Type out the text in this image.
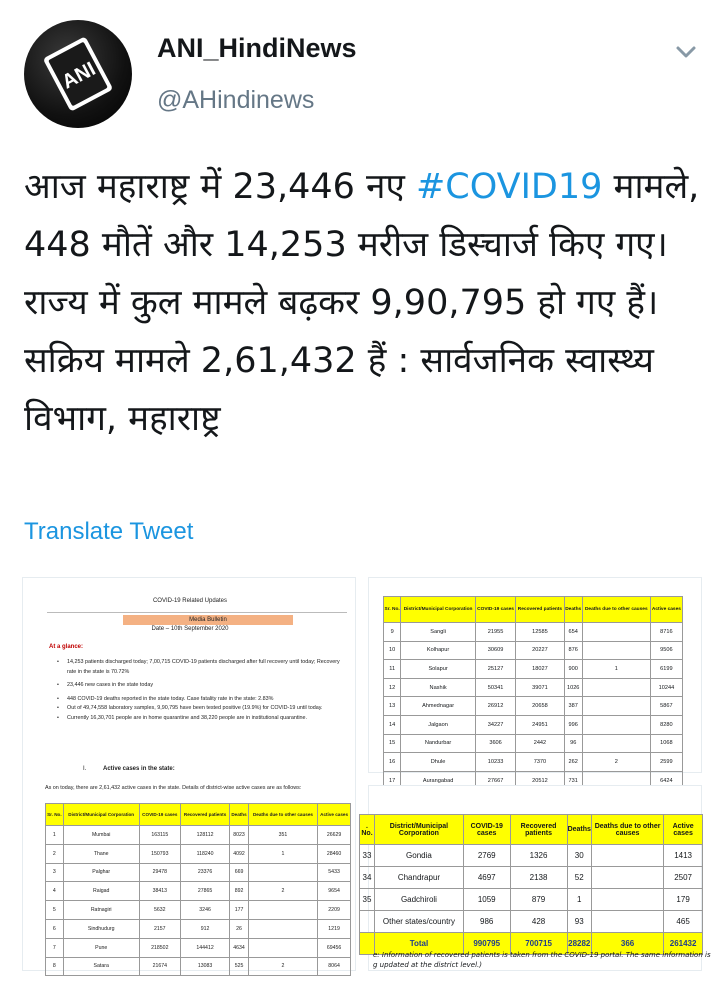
ANI
ANI_HindiNews
@AHindinews
आज महाराष्ट्र में 23,446 नए #COVID19 मामले, 448 मौतें और 14,253 मरीज डिस्चार्ज किए गए। राज्य में कुल मामले बढ़कर 9,90,795 हो गए हैं। सक्रिय मामले 2,61,432 हैं : सार्वजनिक स्वास्थ्य विभाग, महाराष्ट्र
Translate Tweet
COVID-19 Related Updates
Media Bulletin
Date – 10th September 2020
At a glance:
• 14,253 patients discharged today; 7,00,715 COVID-19 patients discharged after full recovery until today; Recovery rate in the state is 70.72%
• 23,446 new cases in the state today
• 448 COVID-19 deaths reported in the state today. Case fatality rate in the state: 2.83%
• Out of 49,74,558 laboratory samples, 9,90,795 have been tested positive (19.9%) for COVID-19 until today.
• Currently 16,30,701 people are in home quarantine and 38,220 people are in institutional quarantine.
I.	Active cases in the state:
As on today, there are 2,61,432 active cases in the state. Details of district-wise active cases are as follows:
Sr. No.	District/Municipal Corporation	COVID-19 cases	Recovered patients	Deaths	Deaths due to other causes	Active cases
1	Mumbai	163115	128112	8023	351	26629
2	Thane	150793	118240	4092	1	28460
3	Palghar	29478	23376	669		5433
4	Raigad	38413	27865	892	2	9654
5	Ratnagiri	5632	3246	177		2209
6	Sindhudurg	2157	912	26		1219
7	Pune	218502	144412	4634		69456
8	Satara	21674	13083	525	2	8064
Sr. No.	District/Municipal Corporation	COVID-19 cases	Recovered patients	Deaths	Deaths due to other causes	Active cases
9	Sangli	21955	12585	654		8716
10	Kolhapur	30609	20227	876		9506
11	Solapur	25127	18027	900	1	6199
12	Nashik	50341	39071	1026		10244
13	Ahmednagar	26912	20658	387		5867
14	Jalgaon	34227	24951	996		8280
15	Nandurbar	3606	2442	96		1068
16	Dhule	10233	7370	262	2	2599
17	Aurangabad	27667	20512	731		6424

. No.	District/Municipal Corporation	COVID-19 cases	Recovered patients	Deaths	Deaths due to other causes	Active cases
33	Gondia	2769	1326	30		1413
34	Chandrapur	4697	2138	52		2507
35	Gadchiroli	1059	879	1		179
	Other states/country	986	428	93		465
	Total	990795	700715	28282	366	261432
e: Information of recovered patients is taken from the COVID-19 portal. The same information is g updated at the district level.)
